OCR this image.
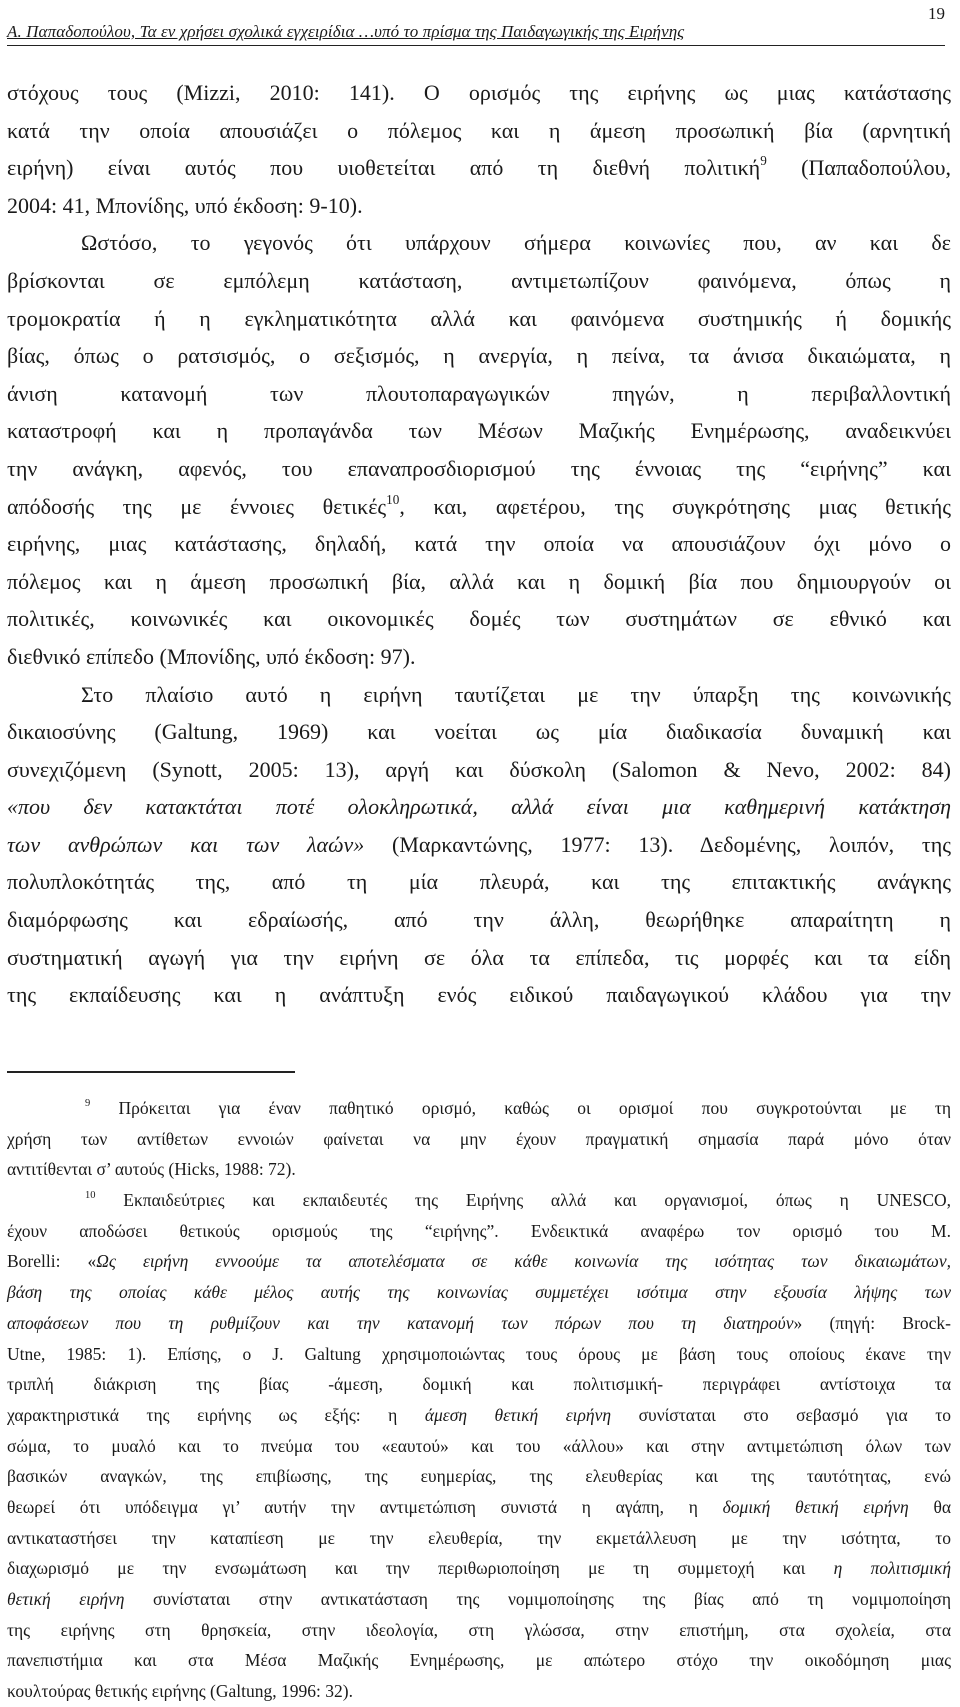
Α. Παπαδοπούλου, Τα εν χρήσει σχολικά εγχειρίδια …υπό το πρίσμα της Παιδαγωγικής της Ειρήνης
19
στόχους τους (Mizzi, 2010: 141). Ο ορισμός της ειρήνης ως μιας κατάστασης
κατά την οποία απουσιάζει ο πόλεμος και η άμεση προσωπική βία (αρνητική
ειρήνη) είναι αυτός που υιοθετείται από τη διεθνή πολιτική$^9$ (Παπαδοπούλου,
2004: 41, Μπονίδης, υπό έκδοση: 9-10).
Ωστόσο, το γεγονός ότι υπάρχουν σήμερα κοινωνίες που, αν και δε
βρίσκονται σε εμπόλεμη κατάσταση, αντιμετωπίζουν φαινόμενα, όπως η
τρομοκρατία ή η εγκληματικότητα αλλά και φαινόμενα συστημικής ή δομικής
βίας, όπως ο ρατσισμός, ο σεξισμός, η ανεργία, η πείνα, τα άνισα δικαιώματα, η
άνιση κατανομή των πλουτοπαραγωγικών πηγών, η περιβαλλοντική
καταστροφή και η προπαγάνδα των Μέσων Μαζικής Ενημέρωσης, αναδεικνύει
την ανάγκη, αφενός, του επαναπροσδιορισμού της έννοιας της “ειρήνης” και
απόδοσής της με έννοιες θετικές$^{10}$, και, αφετέρου, της συγκρότησης μιας θετικής
ειρήνης, μιας κατάστασης, δηλαδή, κατά την οποία να απουσιάζουν όχι μόνο ο
πόλεμος και η άμεση προσωπική βία, αλλά και η δομική βία που δημιουργούν οι
πολιτικές, κοινωνικές και οικονομικές δομές των συστημάτων σε εθνικό και
διεθνικό επίπεδο (Μπονίδης, υπό έκδοση: 97).
Στο πλαίσιο αυτό η ειρήνη ταυτίζεται με την ύπαρξη της κοινωνικής
δικαιοσύνης (Galtung, 1969) και νοείται ως μία διαδικασία δυναμική και
συνεχιζόμενη (Synott, 2005: 13), αργή και δύσκολη (Salomon & Nevo, 2002: 84)
«που δεν κατακτάται ποτέ ολοκληρωτικά, αλλά είναι μια καθημερινή κατάκτηση
των ανθρώπων και των λαών» (Μαρκαντώνης, 1977: 13). Δεδομένης, λοιπόν, της
πολυπλοκότητάς της, από τη μία πλευρά, και της επιτακτικής ανάγκης
διαμόρφωσης και εδραίωσής, από την άλλη, θεωρήθηκε απαραίτητη η
συστηματική αγωγή για την ειρήνη σε όλα τα επίπεδα, τις μορφές και τα είδη
της εκπαίδευσης και η ανάπτυξη ενός ειδικού παιδαγωγικού κλάδου για την
$^9$ Πρόκειται για έναν παθητικό ορισμό, καθώς οι ορισμοί που συγκροτούνται με τη
χρήση των αντίθετων εννοιών φαίνεται να μην έχουν πραγματική σημασία παρά μόνο όταν
αντιτίθενται σ’ αυτούς (Hicks, 1988: 72).
$^{10}$ Εκπαιδεύτριες και εκπαιδευτές της Ειρήνης αλλά και οργανισμοί, όπως η UNESCO,
έχουν αποδώσει θετικούς ορισμούς της “ειρήνης”. Ενδεικτικά αναφέρω τον ορισμό του M.
Borelli: «Ως ειρήνη εννοούμε τα αποτελέσματα σε κάθε κοινωνία της ισότητας των δικαιωμάτων,
βάση της οποίας κάθε μέλος αυτής της κοινωνίας συμμετέχει ισότιμα στην εξουσία λήψης των
αποφάσεων που τη ρυθμίζουν και την κατανομή των πόρων που τη διατηρούν» (πηγή: Brock-
Utne, 1985: 1). Επίσης, ο J. Galtung χρησιμοποιώντας τους όρους με βάση τους οποίους έκανε την
τριπλή διάκριση της βίας -άμεση, δομική και πολιτισμική- περιγράφει αντίστοιχα τα
χαρακτηριστικά της ειρήνης ως εξής: η άμεση θετική ειρήνη συνίσταται στο σεβασμό για το
σώμα, το μυαλό και το πνεύμα του «εαυτού» και του «άλλου» και στην αντιμετώπιση όλων των
βασικών αναγκών, της επιβίωσης, της ευημερίας, της ελευθερίας και της ταυτότητας, ενώ
θεωρεί ότι υπόδειγμα γι’ αυτήν την αντιμετώπιση συνιστά η αγάπη, η δομική θετική ειρήνη θα
αντικαταστήσει την καταπίεση με την ελευθερία, την εκμετάλλευση με την ισότητα, το
διαχωρισμό με την ενσωμάτωση και την περιθωριοποίηση με τη συμμετοχή και η πολιτισμική
θετική ειρήνη συνίσταται στην αντικατάσταση της νομιμοποίησης της βίας από τη νομιμοποίηση
της ειρήνης στη θρησκεία, στην ιδεολογία, στη γλώσσα, στην επιστήμη, στα σχολεία, στα
πανεπιστήμια και στα Μέσα Μαζικής Ενημέρωσης, με απώτερο στόχο την οικοδόμηση μιας
κουλτούρας θετικής ειρήνης (Galtung, 1996: 32).
